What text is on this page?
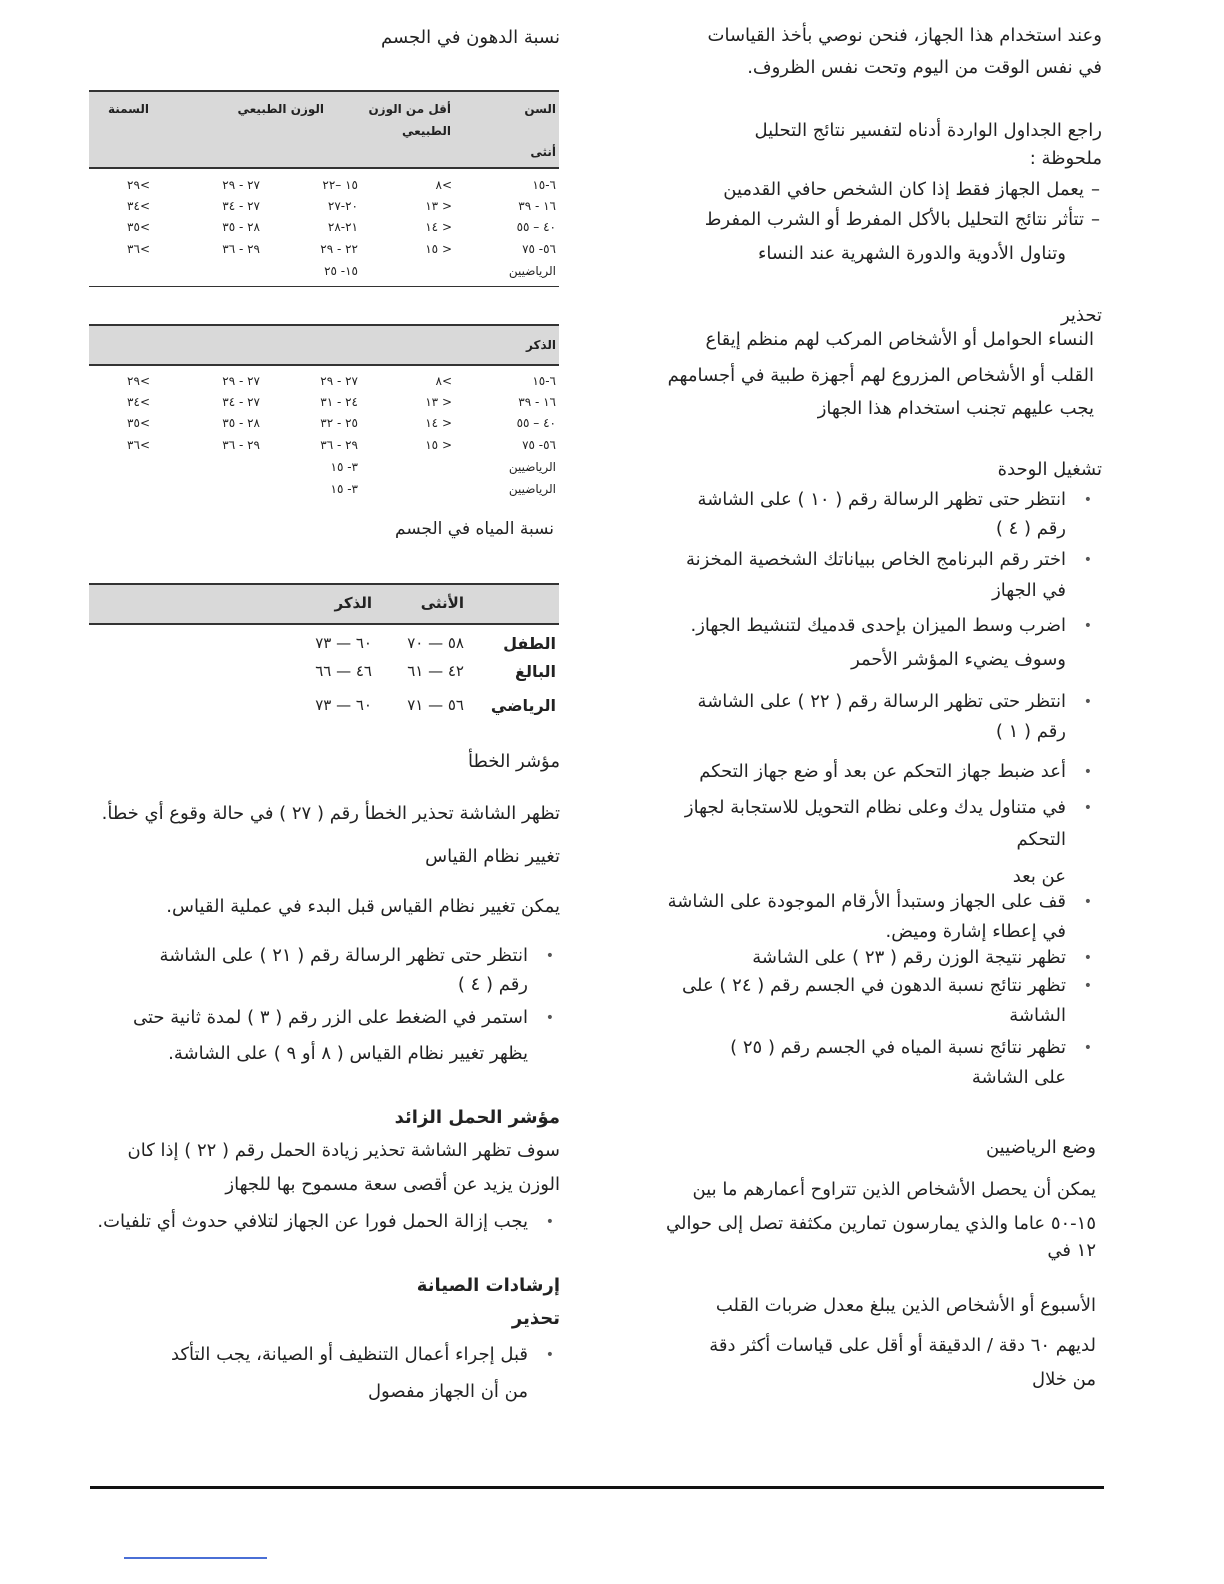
وعند استخدام هذا الجهاز، فنحن نوصي بأخذ القياسات
في نفس الوقت من اليوم وتحت نفس الظروف.
راجع الجداول الواردة أدناه لتفسير نتائج التحليل
ملحوظة :
– يعمل الجهاز فقط إذا كان الشخص حافي القدمين
– تتأثر نتائج التحليل بالأكل المفرط أو الشرب المفرط
وتناول الأدوية والدورة الشهرية عند النساء
تحذير
النساء الحوامل أو الأشخاص المركب لهم منظم إيقاع
القلب أو الأشخاص المزروع لهم أجهزة طبية في أجسامهم
يجب عليهم تجنب استخدام هذا الجهاز
تشغيل الوحدة
• انتظر حتى تظهر الرسالة رقم ( ١٠ ) على الشاشة
رقم ( ٤ )
• اختر رقم البرنامج الخاص ببياناتك الشخصية المخزنة
في الجهاز
• اضرب وسط الميزان بإحدى قدميك لتنشيط الجهاز.
وسوف يضيء المؤشر الأحمر
• انتظر حتى تظهر الرسالة رقم ( ٢٢ ) على الشاشة
رقم ( ١ )
• أعد ضبط جهاز التحكم عن بعد أو ضع جهاز التحكم
• في متناول يدك وعلى نظام التحويل للاستجابة لجهاز
التحكم
عن بعد
• قف على الجهاز وستبدأ الأرقام الموجودة على الشاشة
في إعطاء إشارة وميض.
• تظهر نتيجة الوزن رقم ( ٢٣ ) على الشاشة
• تظهر نتائج نسبة الدهون في الجسم رقم ( ٢٤ ) على
الشاشة
• تظهر نتائج نسبة المياه في الجسم رقم ( ٢٥ )
على الشاشة
وضع الرياضيين
يمكن أن يحصل الأشخاص الذين تتراوح أعمارهم ما بين
١٥-٥٠ عاما والذي يمارسون تمارين مكثفة تصل إلى حوالي
١٢ في
الأسبوع أو الأشخاص الذين يبلغ معدل ضربات القلب
لديهم ٦٠ دقة / الدقيقة أو أقل على قياسات أكثر دقة
من خلال
نسبة الدهون في الجسم
السن
أقل من الوزن
الطبيعي
الوزن الطبيعي
السمنة
أنثى
٦-١٥
>٨
١٥ –٢٢
٢٧ - ٢٩
>٢٩
١٦ - ٣٩
< ١٣
٢٠-٢٧
٢٧ - ٣٤
>٣٤
٤٠ – ٥٥
< ١٤
٢١-٢٨
٢٨ - ٣٥
>٣٥
٥٦- ٧٥
< ١٥
٢٢ - ٢٩
٢٩ - ٣٦
>٣٦
الرياضيين
١٥- ٢٥
الذكر
٦-١٥
>٨
٢٧ - ٢٩
٢٧ - ٢٩
>٢٩
١٦ - ٣٩
< ١٣
٢٤ - ٣١
٢٧ - ٣٤
>٣٤
٤٠ – ٥٥
< ١٤
٢٥ - ٣٢
٢٨ - ٣٥
>٣٥
٥٦- ٧٥
< ١٥
٢٩ - ٣٦
٢٩ - ٣٦
>٣٦
الرياضيين
٣- ١٥
الرياضيين
٣- ١٥
نسبة المياه في الجسم
الأنثى
الذكر
الطفل
٥٨ — ٧٠
٦٠ — ٧٣
البالغ
٤٢ — ٦١
٤٦ — ٦٦
الرياضي
٥٦ — ٧١
٦٠ — ٧٣
مؤشر الخطأ
تظهر الشاشة تحذير الخطأ رقم ( ٢٧ ) في حالة وقوع أي خطأ.
تغيير نظام القياس
يمكن تغيير نظام القياس قبل البدء في عملية القياس.
• انتظر حتى تظهر الرسالة رقم ( ٢١ ) على الشاشة
رقم ( ٤ )
• استمر في الضغط على الزر رقم ( ٣ ) لمدة ثانية حتى
يظهر تغيير نظام القياس ( ٨ أو ٩ ) على الشاشة.
مؤشر الحمل الزائد
سوف تظهر الشاشة تحذير زيادة الحمل رقم ( ٢٢ ) إذا كان
الوزن يزيد عن أقصى سعة مسموح بها للجهاز
• يجب إزالة الحمل فورا عن الجهاز لتلافي حدوث أي تلفيات.
إرشادات الصيانة
تحذير
• قبل إجراء أعمال التنظيف أو الصيانة، يجب التأكد
من أن الجهاز مفصول
